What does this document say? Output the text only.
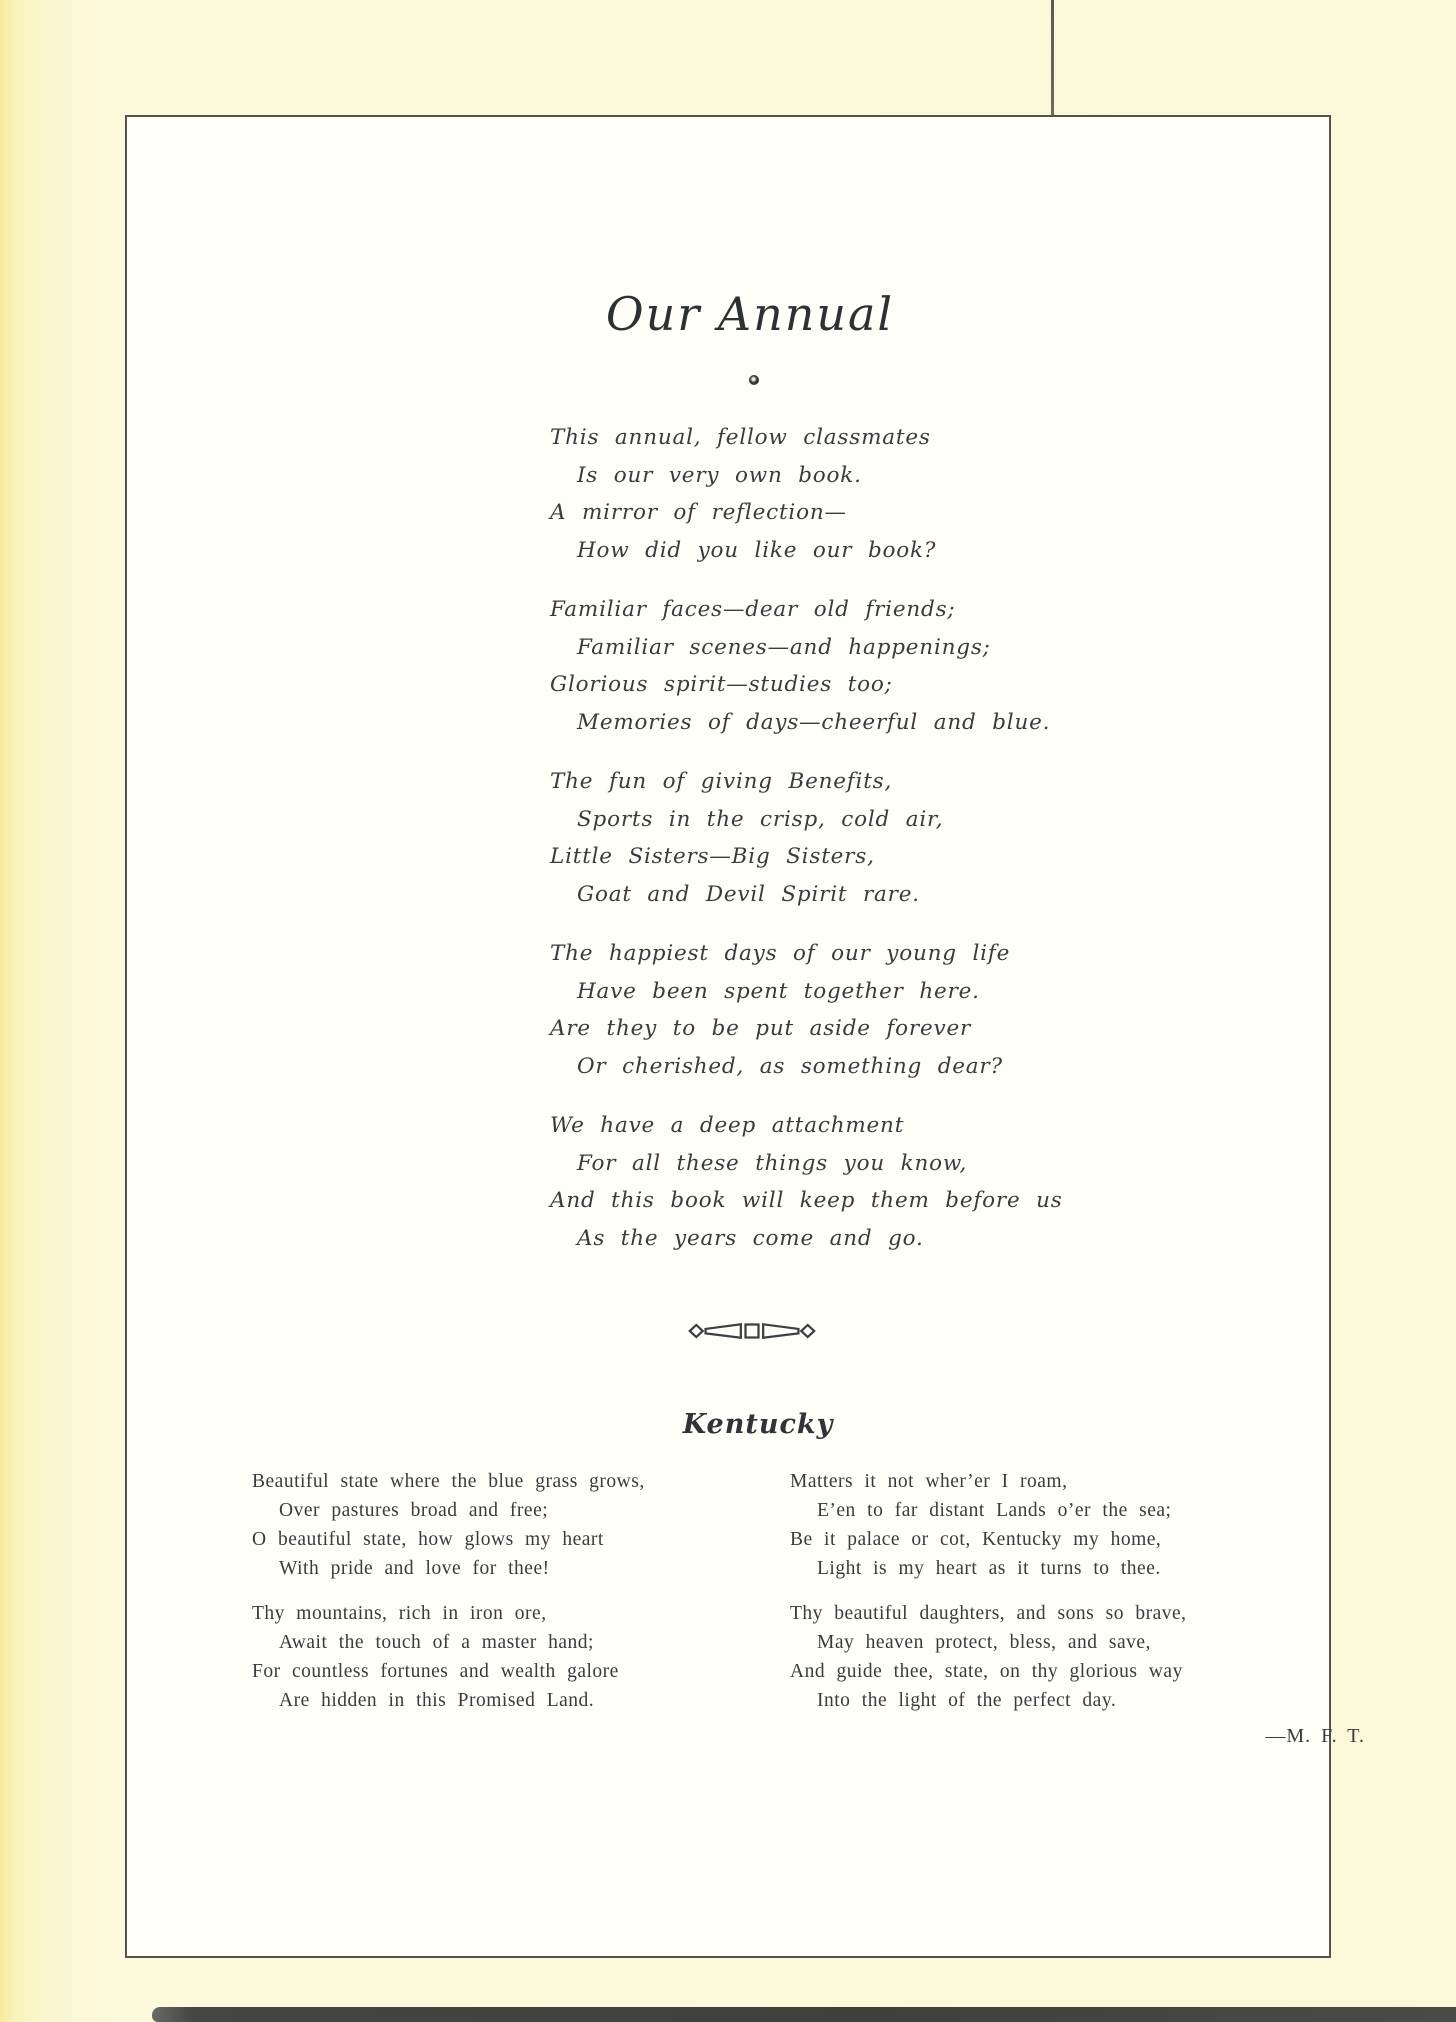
Our Annual
This annual, fellow classmates
Is our very own book.
A mirror of reflection—
How did you like our book?
Familiar faces—dear old friends;
Familiar scenes—and happenings;
Glorious spirit—studies too;
Memories of days—cheerful and blue.
The fun of giving Benefits,
Sports in the crisp, cold air,
Little Sisters—Big Sisters,
Goat and Devil Spirit rare.
The happiest days of our young life
Have been spent together here.
Are they to be put aside forever
Or cherished, as something dear?
We have a deep attachment
For all these things you know,
And this book will keep them before us
As the years come and go.
Kentucky
Beautiful state where the blue grass grows,
Over pastures broad and free;
O beautiful state, how glows my heart
With pride and love for thee!
Thy mountains, rich in iron ore,
Await the touch of a master hand;
For countless fortunes and wealth galore
Are hidden in this Promised Land.
Matters it not wher’er I roam,
E’en to far distant Lands o’er the sea;
Be it palace or cot, Kentucky my home,
Light is my heart as it turns to thee.
Thy beautiful daughters, and sons so brave,
May heaven protect, bless, and save,
And guide thee, state, on thy glorious way
Into the light of the perfect day.
—M. F. T.
